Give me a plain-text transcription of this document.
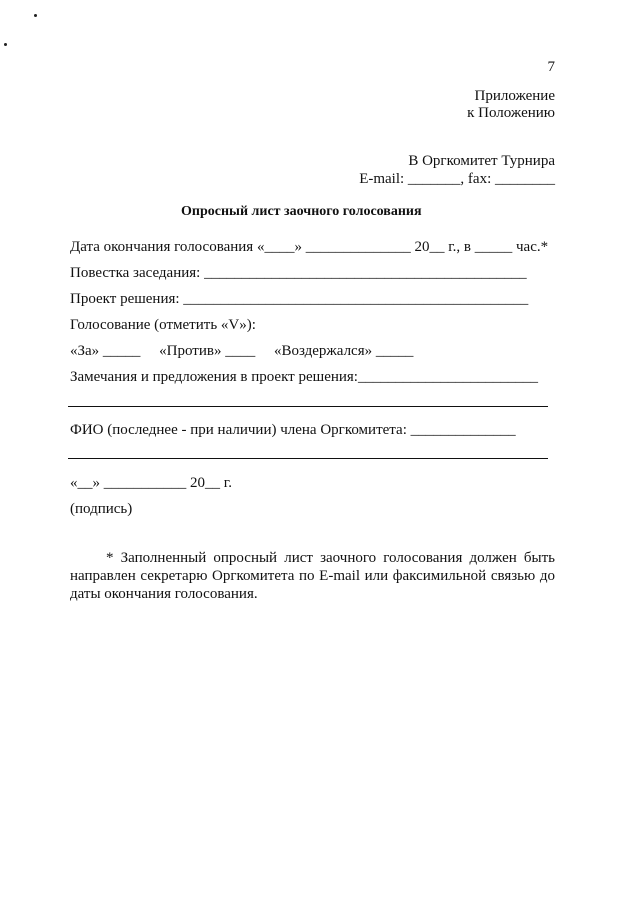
7
Приложение
к Положению
В Оргкомитет Турнира
E-mail: _______, fax: ________
Опросный лист заочного голосования
Дата окончания голосования «____» ______________ 20__ г., в _____ час.*
Повестка заседания: ___________________________________________
Проект решения: ______________________________________________
Голосование (отметить «V»):
«За» _____     «Против» ____     «Воздержался» _____
Замечания и предложения в проект решения:________________________
ФИО (последнее - при наличии) члена Оргкомитета: ______________
«__» ___________ 20__ г.
(подпись)
* Заполненный опросный лист заочного голосования должен быть направлен секретарю Оргкомитета по E-mail или факсимильной связью до даты окончания голосования.
